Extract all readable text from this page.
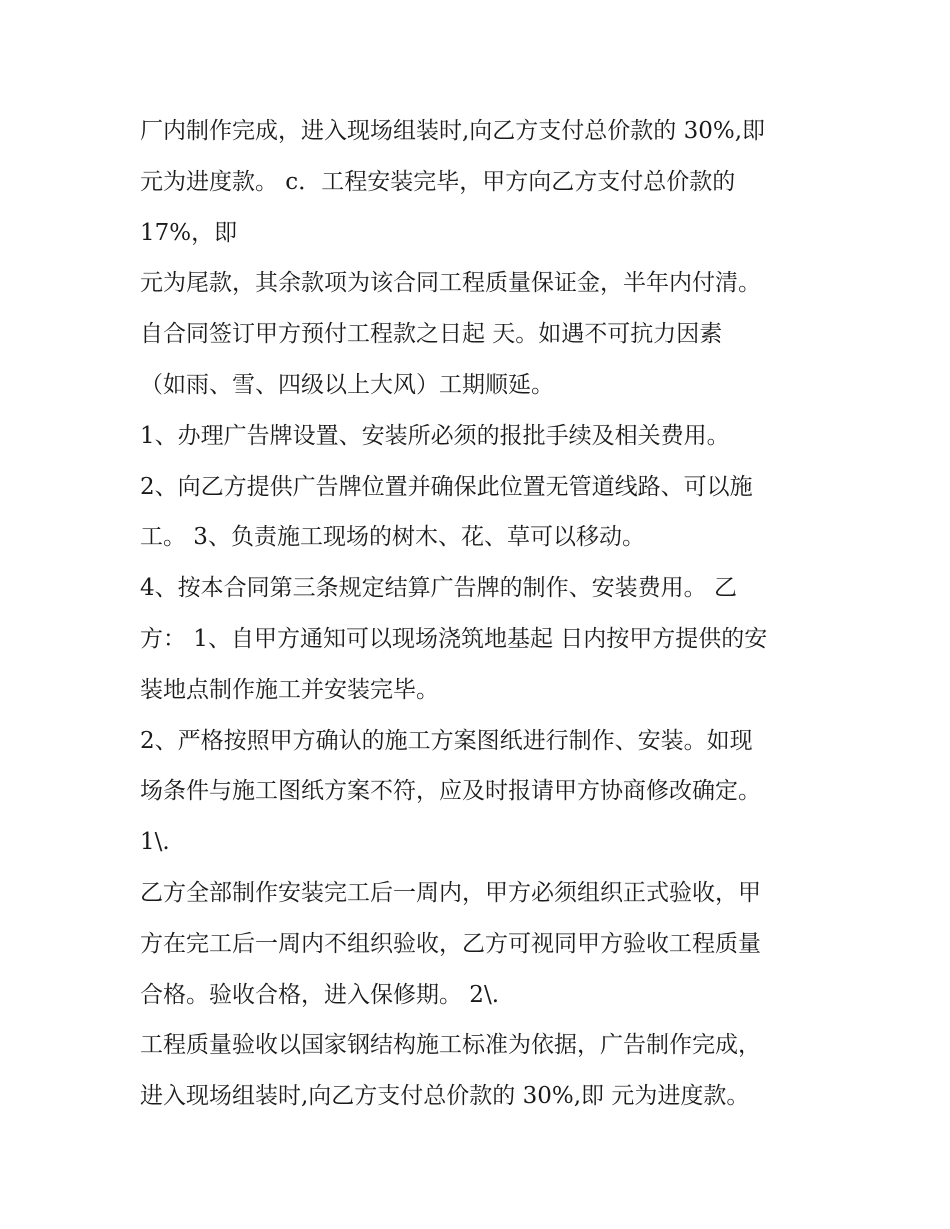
厂内制作完成，进入现场组装时,向乙方支付总价款的 30%,即
元为进度款。 c．工程安装完毕，甲方向乙方支付总价款的
17%，即
元为尾款，其余款项为该合同工程质量保证金，半年内付清。
自合同签订甲方预付工程款之日起 天。如遇不可抗力因素
（如雨、雪、四级以上大风）工期顺延。
1、办理广告牌设置、安装所必须的报批手续及相关费用。
2、向乙方提供广告牌位置并确保此位置无管道线路、可以施
工。 3、负责施工现场的树木、花、草可以移动。
4、按本合同第三条规定结算广告牌的制作、安装费用。 乙
方： 1、自甲方通知可以现场浇筑地基起 日内按甲方提供的安
装地点制作施工并安装完毕。
2、严格按照甲方确认的施工方案图纸进行制作、安装。如现
场条件与施工图纸方案不符，应及时报请甲方协商修改确定。
1\.
乙方全部制作安装完工后一周内，甲方必须组织正式验收，甲
方在完工后一周内不组织验收，乙方可视同甲方验收工程质量
合格。验收合格，进入保修期。 2\.
工程质量验收以国家钢结构施工标准为依据，广告制作完成，
进入现场组装时,向乙方支付总价款的 30%,即 元为进度款。
